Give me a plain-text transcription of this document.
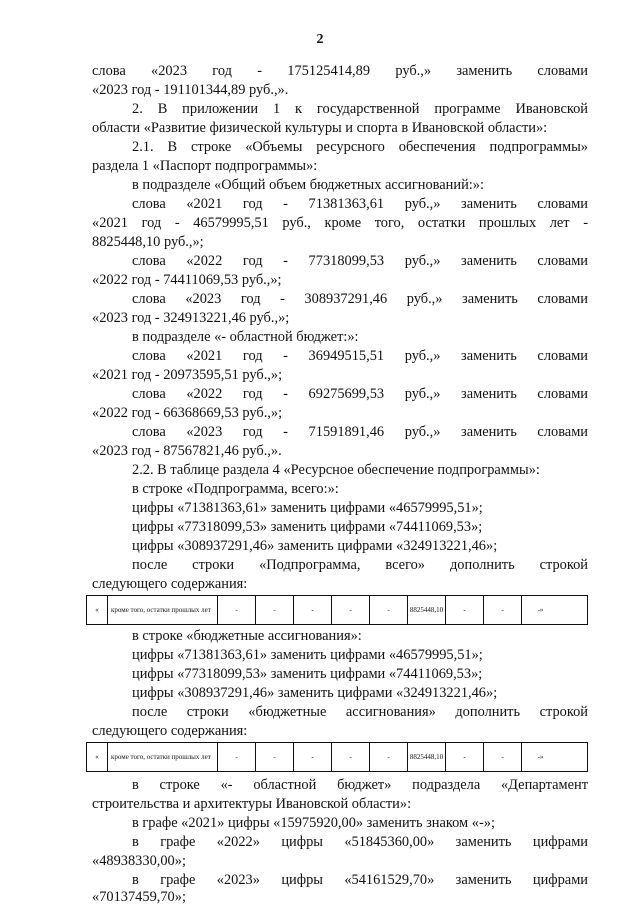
2
слова «2023 год - 175125414,89 руб.,» заменить словами
«2023 год - 191101344,89 руб.,».
2. В приложении 1 к государственной программе Ивановской
области «Развитие физической культуры и спорта в Ивановской области»:
2.1. В строке «Объемы ресурсного обеспечения подпрограммы»
раздела 1 «Паспорт подпрограммы»:
в подразделе «Общий объем бюджетных ассигнований:»:
слова «2021 год - 71381363,61 руб.,» заменить словами
«2021 год - 46579995,51 руб., кроме того, остатки прошлых лет -
8825448,10 руб.,»;
слова «2022 год - 77318099,53 руб.,» заменить словами
«2022 год - 74411069,53 руб.,»;
слова «2023 год - 308937291,46 руб.,» заменить словами
«2023 год - 324913221,46 руб.,»;
в подразделе «- областной бюджет:»:
слова «2021 год - 36949515,51 руб.,» заменить словами
«2021 год - 20973595,51 руб.,»;
слова «2022 год - 69275699,53 руб.,» заменить словами
«2022 год - 66368669,53 руб.,»;
слова «2023 год - 71591891,46 руб.,» заменить словами
«2023 год - 87567821,46 руб.,».
2.2. В таблице раздела 4 «Ресурсное обеспечение подпрограммы»:
в строке «Подпрограмма, всего:»:
цифры «71381363,61» заменить цифрами «46579995,51»;
цифры «77318099,53» заменить цифрами «74411069,53»;
цифры «308937291,46» заменить цифрами «324913221,46»;
после строки «Подпрограмма, всего» дополнить строкой
следующего содержания:
«	кроме того, остатки прошлых лет	-	-	-	-	-	8825448,10	-	-	-»
в строке «бюджетные ассигнования»:
цифры «71381363,61» заменить цифрами «46579995,51»;
цифры «77318099,53» заменить цифрами «74411069,53»;
цифры «308937291,46» заменить цифрами «324913221,46»;
после строки «бюджетные ассигнования» дополнить строкой
следующего содержания:
«	кроме того, остатки прошлых лет	-	-	-	-	-	8825448,10	-	-	-»
в строке «- областной бюджет» подраздела «Департамент
строительства и архитектуры Ивановской области»:
в графе «2021» цифры «15975920,00» заменить знаком «-»;
в графе «2022» цифры «51845360,00» заменить цифрами
«48938330,00»;
в графе «2023» цифры «54161529,70» заменить цифрами
«70137459,70»;
